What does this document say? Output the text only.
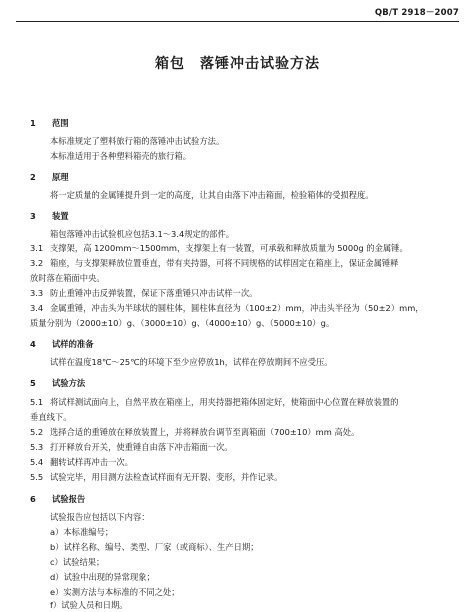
QB/T 2918－2007
箱包　落锤冲击试验方法
1 范围
本标准规定了塑料旅行箱的落锤冲击试验方法。
本标准适用于各种塑料箱壳的旅行箱。
2 原理
将一定质量的金属锤提升到一定的高度，让其自由落下冲击箱面，检验箱体的受损程度。
3 装置
箱包落锤冲击试验机应包括3.1～3.4规定的部件。
3.1 支撑架，高 1200mm～1500mm，支撑架上有一装置，可承载和释放质量为 5000g 的金属锤。
3.2 箱座，与支撑架释放位置垂直，带有夹持器，可将不同规格的试样固定在箱座上，保证金属锤释
放时落在箱面中央。
3.3 防止重锤冲击反弹装置，保证下落重锤只冲击试样一次。
3.4 金属重锤，冲击头为半球状的圆柱体，圆柱体直径为（100±2）mm，冲击头半径为（50±2）mm，
质量分别为（2000±10）g、（3000±10）g、（4000±10）g、（5000±10）g。
4 试样的准备
试样在温度18℃～25℃的环境下至少应停放1h，试样在停放期间不应受压。
5 试验方法
5.1 将试样测试面向上，自然平放在箱座上，用夹持器把箱体固定好，使箱面中心位置在释放装置的
垂直线下。
5.2 选择合适的重锤放在释放装置上，并将释放台调节至离箱面（700±10）mm 高处。
5.3 打开释放台开关，使重锤自由落下冲击箱面一次。
5.4 翻转试样再冲击一次。
5.5 试验完毕，用目测方法检查试样面有无开裂、变形，并作记录。
6 试验报告
试验报告应包括以下内容：
a）本标准编号；
b）试样名称、编号、类型、厂家（或商标）、生产日期；
c）试验结果；
d）试验中出现的异常现象；
e）实测方法与本标准的不同之处；
f）试验人员和日期。
